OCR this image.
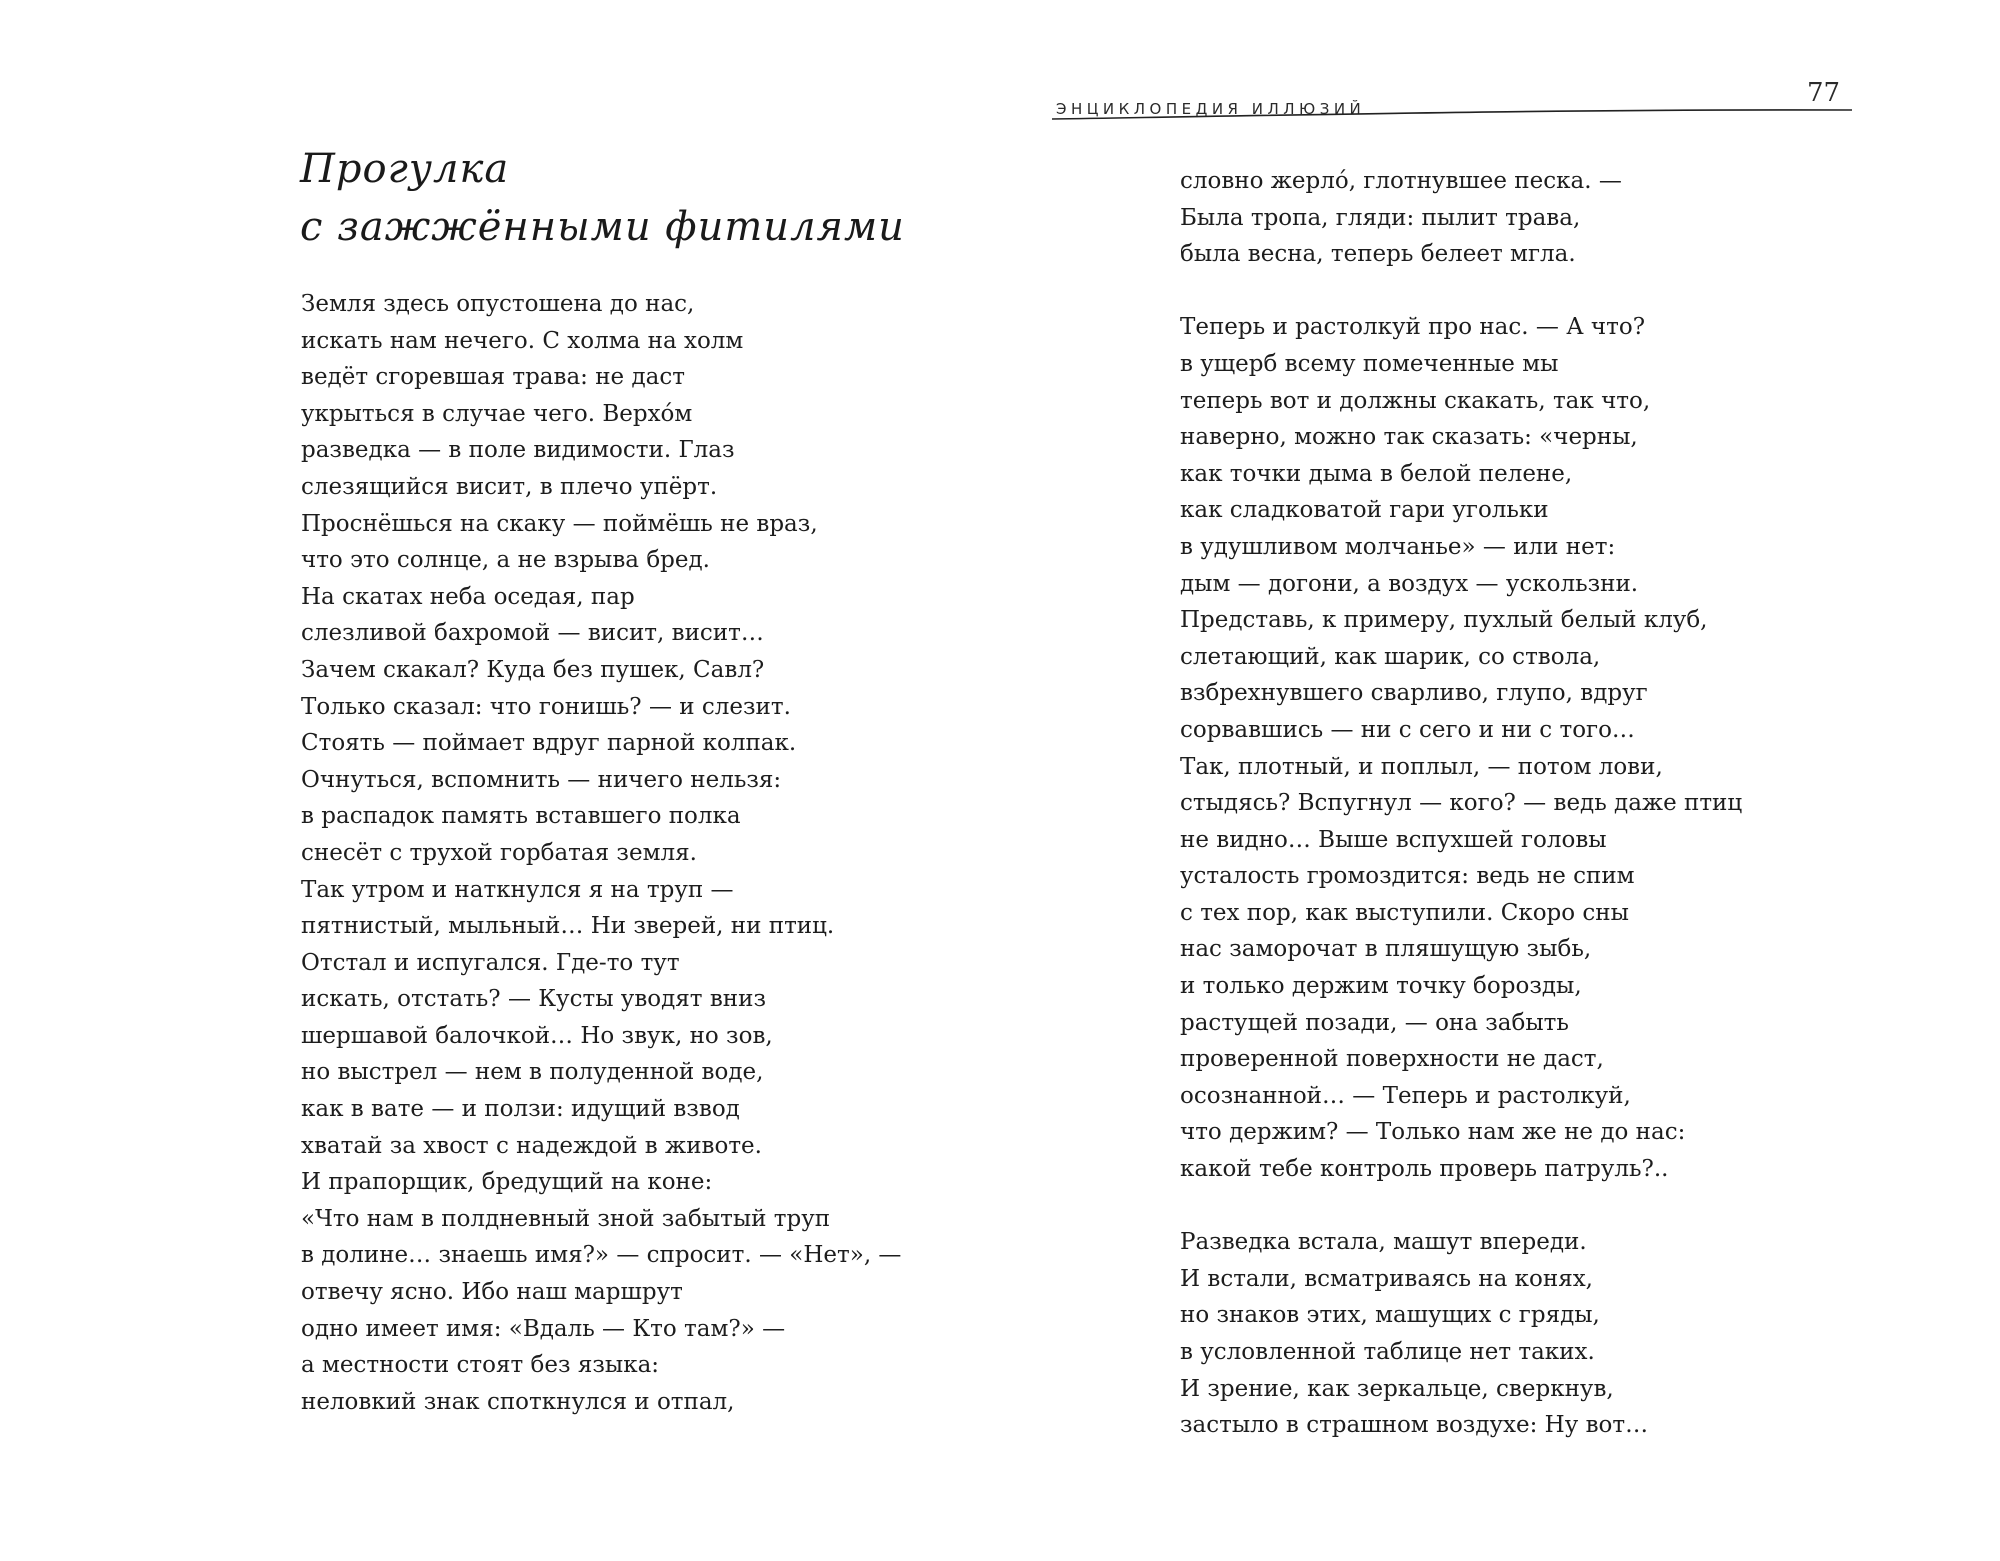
Прогулка
с зажжёнными фитилями
Земля здесь опустошена до нас,
искать нам нечего. С холма на холм
ведёт сгоревшая трава: не даст
укрыться в случае чего. Верхо́м
разведка — в поле видимости. Глаз
слезящийся висит, в плечо упёрт.
Проснёшься на скаку — поймёшь не враз,
что это солнце, а не взрыва бред.
На скатах неба оседая, пар
слезливой бахромой — висит, висит…
Зачем скакал? Куда без пушек, Савл?
Только сказал: что гонишь? — и слезит.
Стоять — поймает вдруг парной колпак.
Очнуться, вспомнить — ничего нельзя:
в распадок память вставшего полка
снесёт с трухой горбатая земля.
Так утром и наткнулся я на труп —
пятнистый, мыльный… Ни зверей, ни птиц.
Отстал и испугался. Где-то тут
искать, отстать? — Кусты уводят вниз
шершавой балочкой… Но звук, но зов,
но выстрел — нем в полуденной воде,
как в вате — и ползи: идущий взвод
хватай за хвост с надеждой в животе.
И прапорщик, бредущий на коне:
«Что нам в полдневный зной забытый труп
в долине… знаешь имя?» — спросит. — «Нет», —
отвечу ясно. Ибо наш маршрут
одно имеет имя: «Вдаль — Кто там?» —
а местности стоят без языка:
неловкий знак споткнулся и отпал,
ЭНЦИКЛОПЕДИЯ ИЛЛЮЗИЙ
77
словно жерло́, глотнувшее песка. —
Была тропа, гляди: пылит трава,
была весна, теперь белеет мгла.
Теперь и растолкуй про нас. — А что?
в ущерб всему помеченные мы
теперь вот и должны скакать, так что,
наверно, можно так сказать: «черны,
как точки дыма в белой пелене,
как сладковатой гари угольки
в удушливом молчанье» — или нет:
дым — догони, а воздух — ускользни.
Представь, к примеру, пухлый белый клуб,
слетающий, как шарик, со ствола,
взбрехнувшего сварливо, глупо, вдруг
сорвавшись — ни с сего и ни с того…
Так, плотный, и поплыл, — потом лови,
стыдясь? Вспугнул — кого? — ведь даже птиц
не видно… Выше вспухшей головы
усталость громоздится: ведь не спим
с тех пор, как выступили. Скоро сны
нас заморочат в пляшущую зыбь,
и только держим точку борозды,
растущей позади, — она забыть
проверенной поверхности не даст,
осознанной… — Теперь и растолкуй,
что держим? — Только нам же не до нас:
какой тебе контроль проверь патруль?..
Разведка встала, машут впереди.
И встали, всматриваясь на конях,
но знаков этих, машущих с гряды,
в условленной таблице нет таких.
И зрение, как зеркальце, сверкнув,
застыло в страшном воздухе: Ну вот…
